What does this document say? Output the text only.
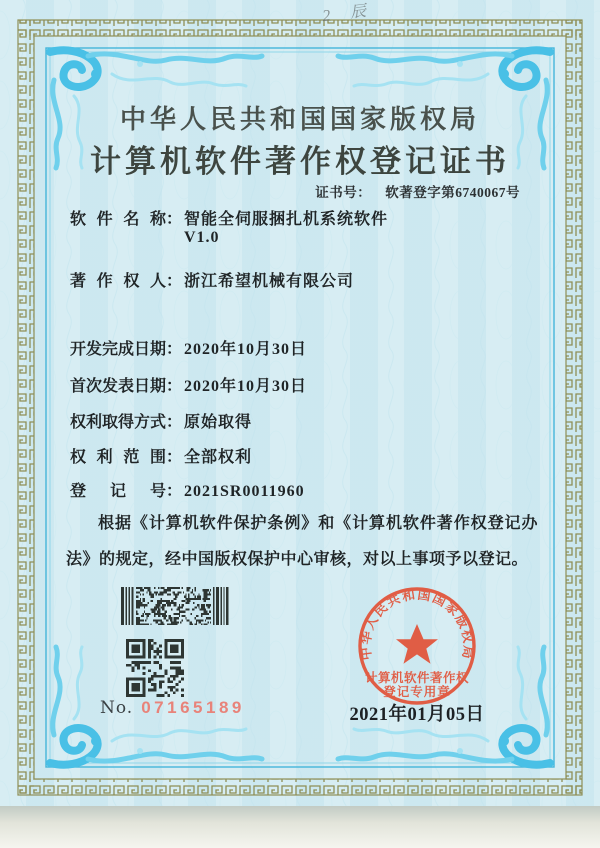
2 辰
中华人民共和国国家版权局
计算机软件著作权登记证书
证书号： 软著登字第6740067号
软件名称： 智能全伺服捆扎机系统软件
V1.0
著作权人： 浙江希望机械有限公司
开发完成日期： 2020年10月30日
首次发表日期： 2020年10月30日
权利取得方式： 原始取得
权利范围： 全部权利
登记号： 2021SR0011960
根据《计算机软件保护条例》和《计算机软件著作权登记办法》的规定，经中国版权保护中心审核，对以上事项予以登记。
No. 07165189
中华人民共和国国家版权局
计算机软件著作权
登记专用章
2021年01月05日
